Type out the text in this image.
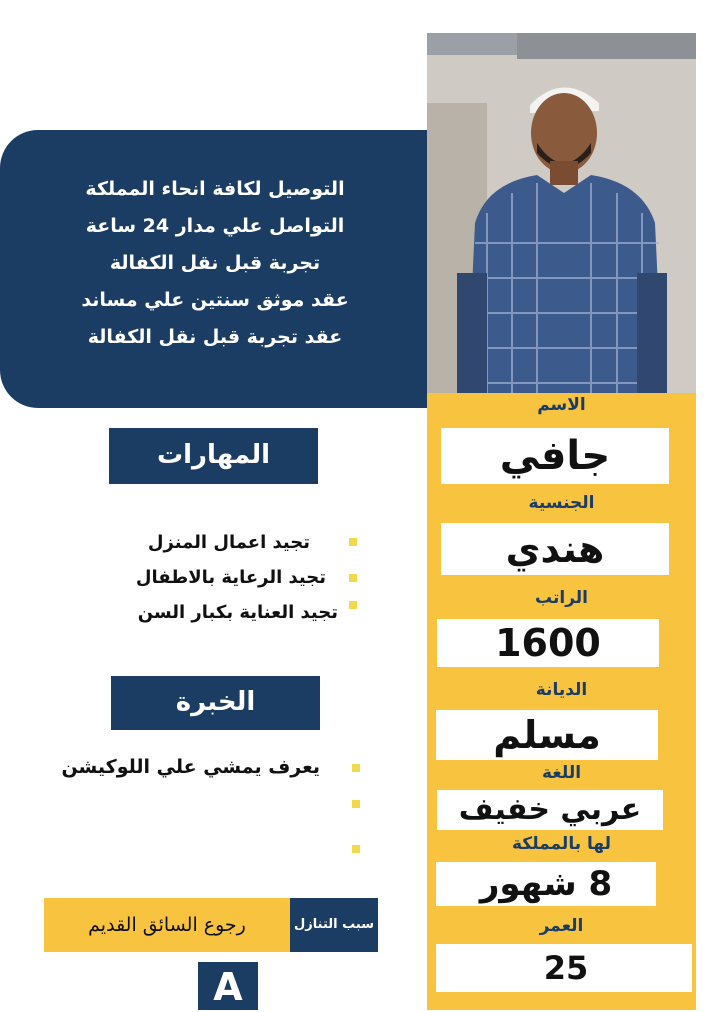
التوصيل لكافة انحاء المملكة
التواصل علي مدار 24 ساعة
تجربة قبل نقل الكفالة
عقد موثق سنتين علي مساند
عقد تجربة قبل نقل الكفالة
الاسم
جافي
الجنسية
هندي
الراتب
1600
الديانة
مسلم
اللغة
عربي خفيف
لها بالمملكة
8 شهور
العمر
25
المهارات
تجيد اعمال المنزل
تجيد الرعاية بالاطفال
تجيد العناية بكبار السن
الخبرة
يعرف يمشي علي اللوكيشن
رجوع السائق القديم	سبب التنازل
A
